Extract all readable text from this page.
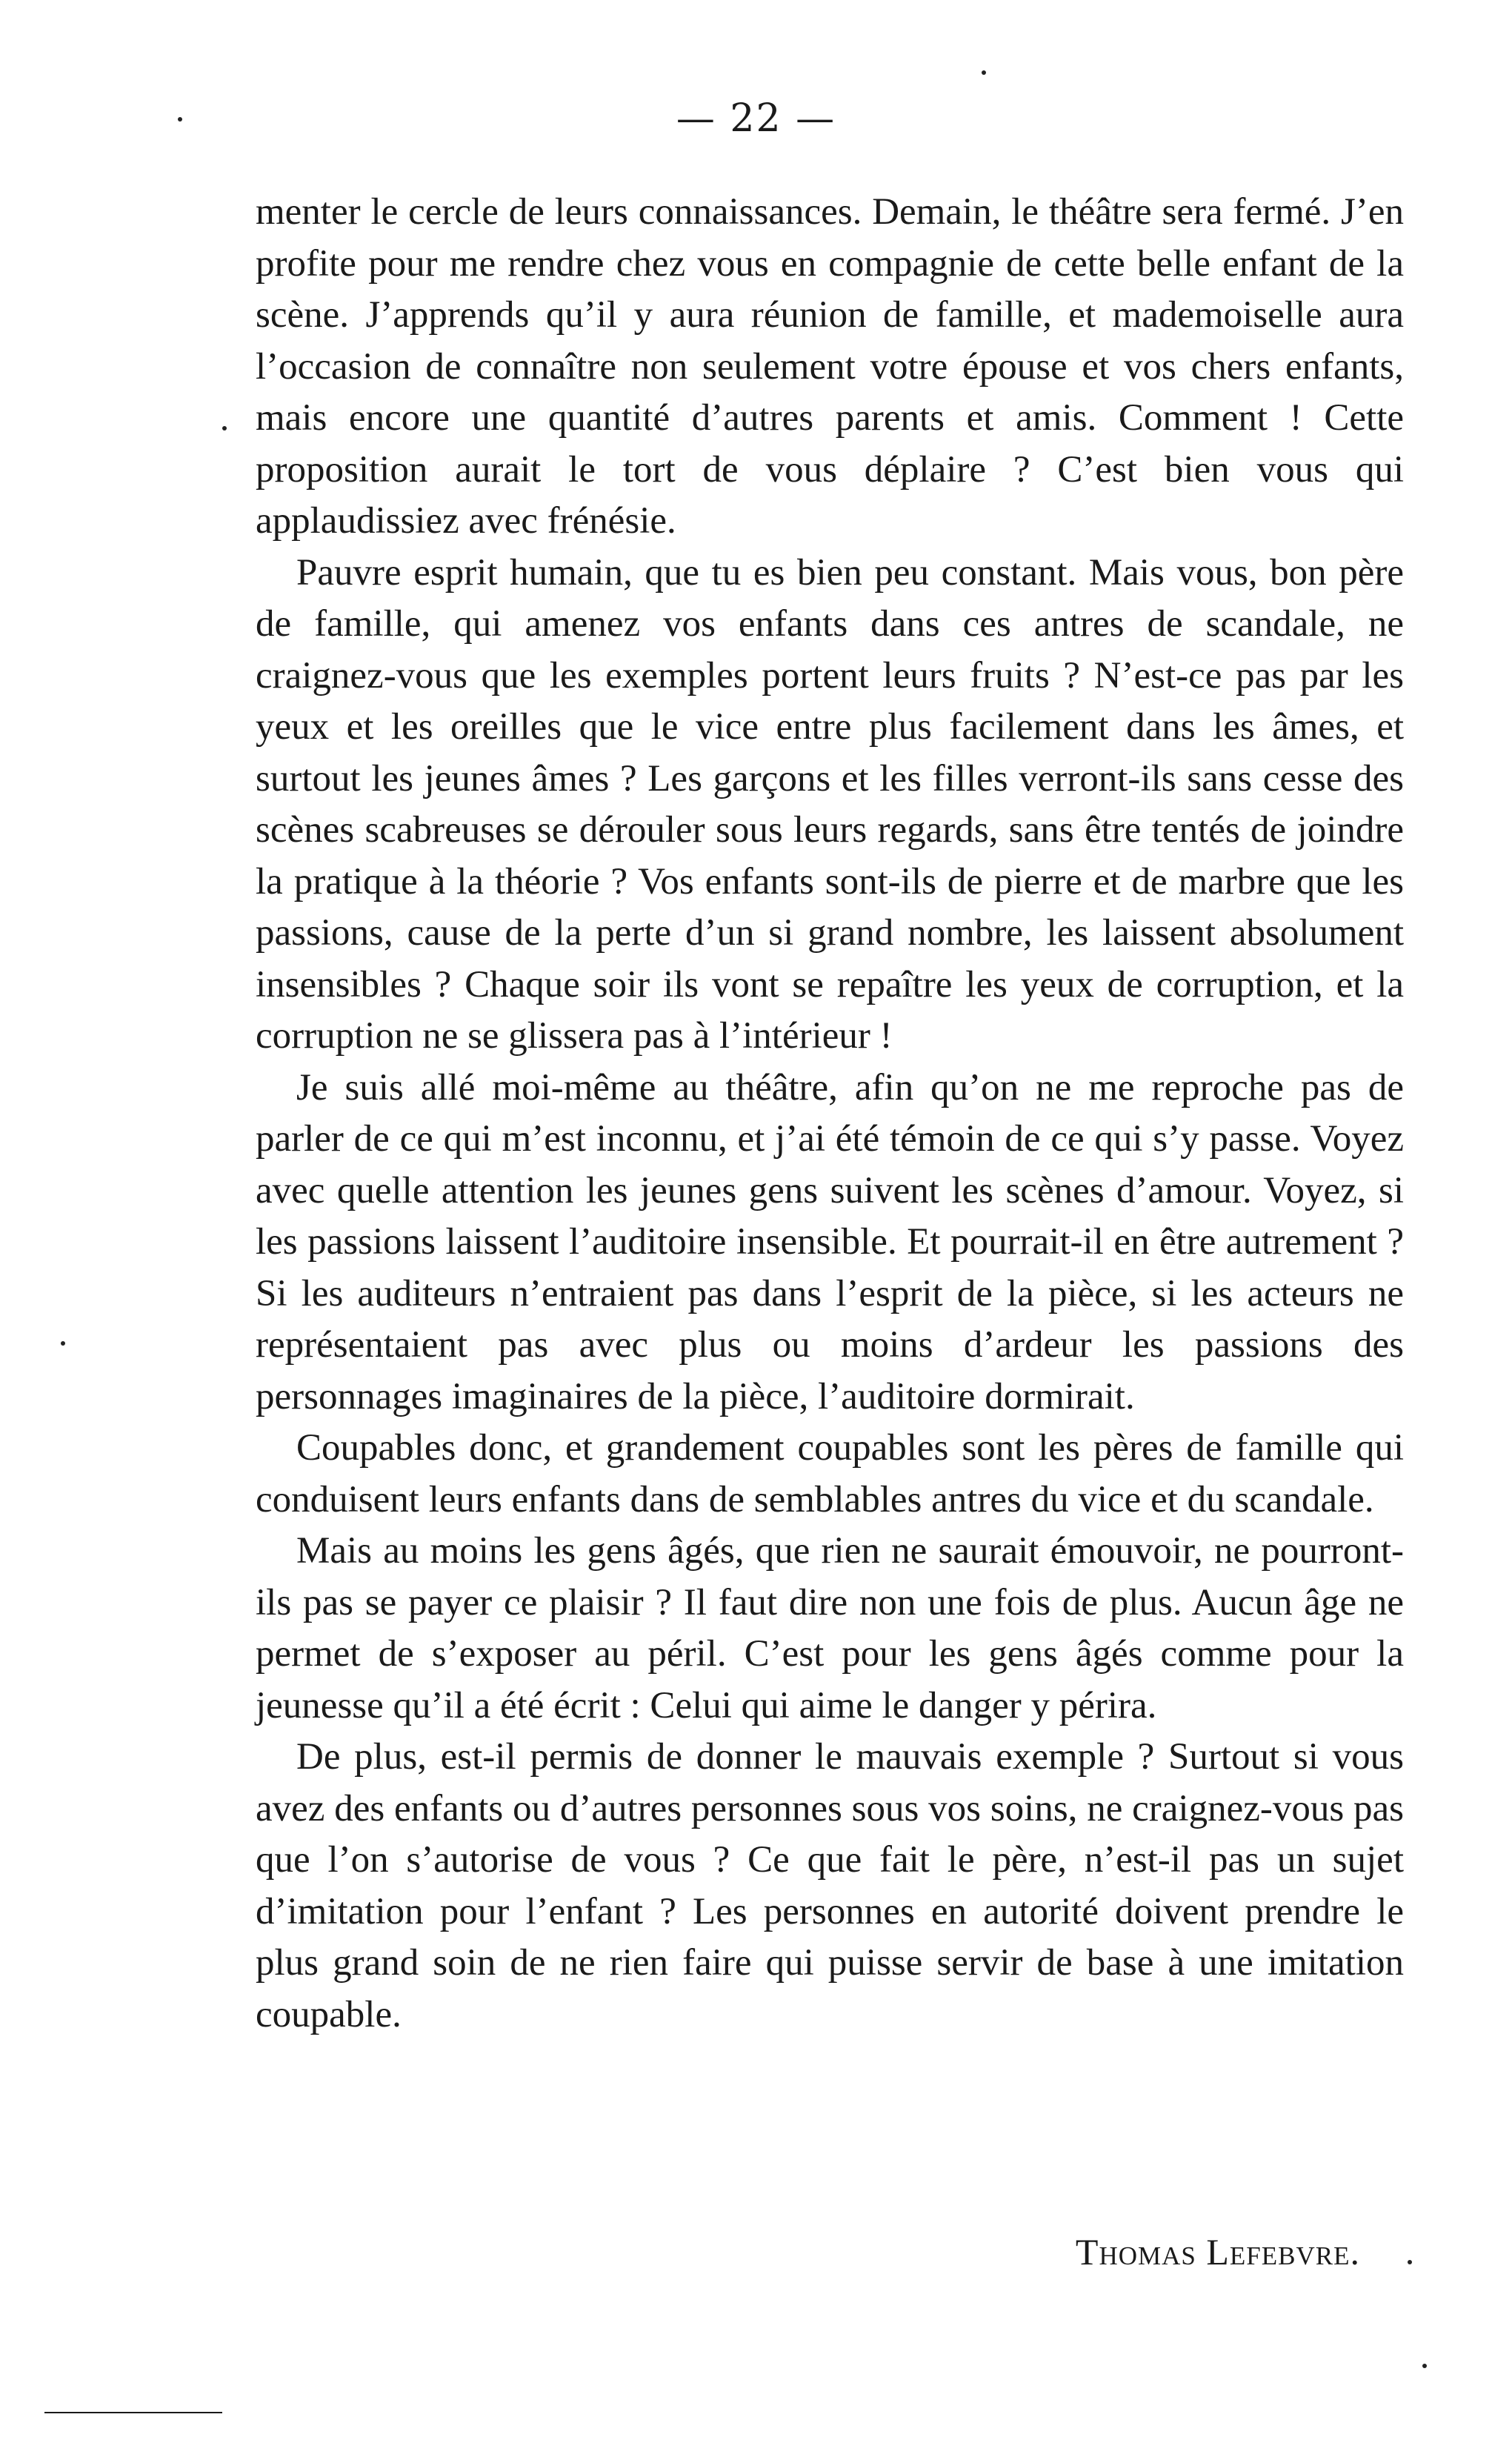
— 22 —

menter le cercle de leurs connaissances. Demain, le théâtre sera fermé. J’en profite pour me rendre chez vous en compagnie de cette belle enfant de la scène. J’apprends qu’il y aura réunion de famille, et mademoiselle aura l’occasion de connaître non seulement votre épouse et vos chers enfants, mais encore une quantité d’autres parents et amis. Comment ! Cette proposition aurait le tort de vous déplaire ? C’est bien vous qui applaudissiez avec frénésie.

Pauvre esprit humain, que tu es bien peu constant. Mais vous, bon père de famille, qui amenez vos enfants dans ces antres de scandale, ne craignez-vous que les exemples portent leurs fruits ? N’est-ce pas par les yeux et les oreilles que le vice entre plus facilement dans les âmes, et surtout les jeunes âmes ? Les garçons et les filles verront-ils sans cesse des scènes scabreuses se dérouler sous leurs regards, sans être tentés de joindre la pratique à la théorie ? Vos enfants sont-ils de pierre et de marbre que les passions, cause de la perte d’un si grand nombre, les laissent absolument insensibles ? Chaque soir ils vont se repaître les yeux de corruption, et la corruption ne se glissera pas à l’intérieur !

Je suis allé moi-même au théâtre, afin qu’on ne me reproche pas de parler de ce qui m’est inconnu, et j’ai été témoin de ce qui s’y passe. Voyez avec quelle attention les jeunes gens suivent les scènes d’amour. Voyez, si les passions laissent l’auditoire insensible. Et pourrait-il en être autrement ? Si les auditeurs n’entraient pas dans l’esprit de la pièce, si les acteurs ne représentaient pas avec plus ou moins d’ardeur les passions des personnages imaginaires de la pièce, l’auditoire dormirait.

Coupables donc, et grandement coupables sont les pères de famille qui conduisent leurs enfants dans de semblables antres du vice et du scandale.

Mais au moins les gens âgés, que rien ne saurait émouvoir, ne pourront-ils pas se payer ce plaisir ? Il faut dire non une fois de plus. Aucun âge ne permet de s’exposer au péril. C’est pour les gens âgés comme pour la jeunesse qu’il a été écrit : Celui qui aime le danger y périra.

De plus, est-il permis de donner le mauvais exemple ? Surtout si vous avez des enfants ou d’autres personnes sous vos soins, ne craignez-vous pas que l’on s’autorise de vous ? Ce que fait le père, n’est-il pas un sujet d’imitation pour l’enfant ? Les personnes en autorité doivent prendre le plus grand soin de ne rien faire qui puisse servir de base à une imitation coupable.

Thomas Lefebvre.
